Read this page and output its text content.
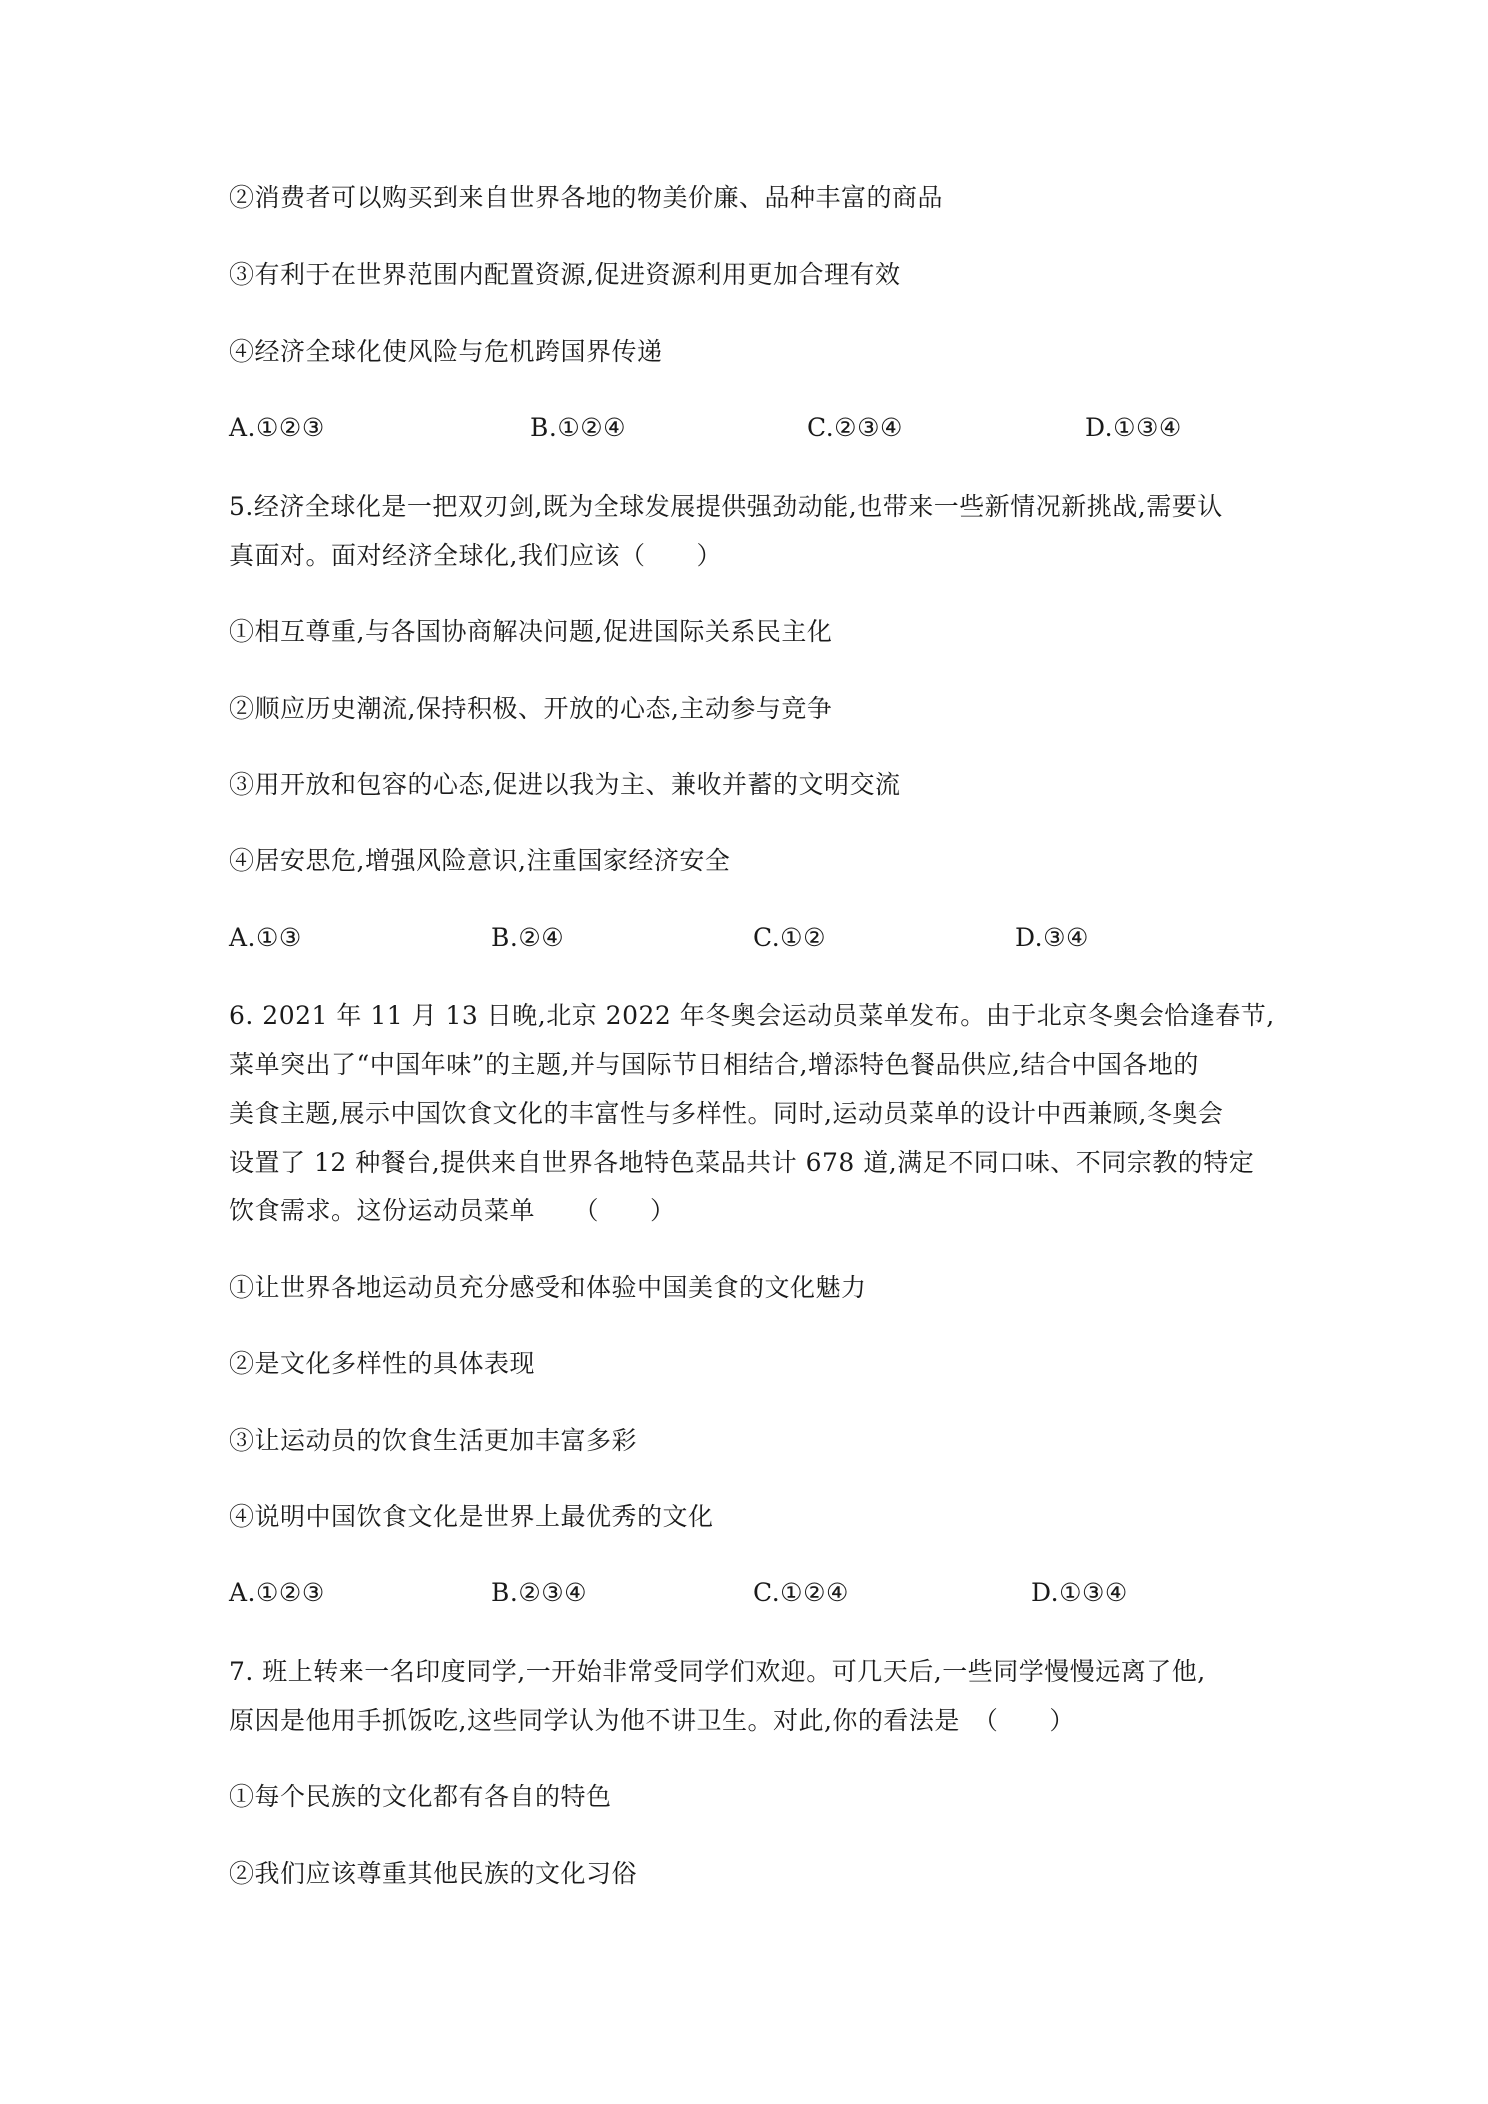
②消费者可以购买到来自世界各地的物美价廉、品种丰富的商品
③有利于在世界范围内配置资源,促进资源利用更加合理有效
④经济全球化使风险与危机跨国界传递
A.①②③	B.①②④	C.②③④	D.①③④
5.经济全球化是一把双刃剑,既为全球发展提供强劲动能,也带来一些新情况新挑战,需要认
真面对。面对经济全球化,我们应该（　　）
①相互尊重,与各国协商解决问题,促进国际关系民主化
②顺应历史潮流,保持积极、开放的心态,主动参与竞争
③用开放和包容的心态,促进以我为主、兼收并蓄的文明交流
④居安思危,增强风险意识,注重国家经济安全
A.①③	B.②④	C.①②	D.③④
6. 2021 年 11 月 13 日晚,北京 2022 年冬奥会运动员菜单发布。由于北京冬奥会恰逢春节,
菜单突出了“中国年味”的主题,并与国际节日相结合,增添特色餐品供应,结合中国各地的
美食主题,展示中国饮食文化的丰富性与多样性。同时,运动员菜单的设计中西兼顾,冬奥会
设置了 12 种餐台,提供来自世界各地特色菜品共计 678 道,满足不同口味、不同宗教的特定
饮食需求。这份运动员菜单　　（　　）
①让世界各地运动员充分感受和体验中国美食的文化魅力
②是文化多样性的具体表现
③让运动员的饮食生活更加丰富多彩
④说明中国饮食文化是世界上最优秀的文化
A.①②③	B.②③④	C.①②④	D.①③④
7. 班上转来一名印度同学,一开始非常受同学们欢迎。可几天后,一些同学慢慢远离了他,
原因是他用手抓饭吃,这些同学认为他不讲卫生。对此,你的看法是　（　　）
①每个民族的文化都有各自的特色
②我们应该尊重其他民族的文化习俗
